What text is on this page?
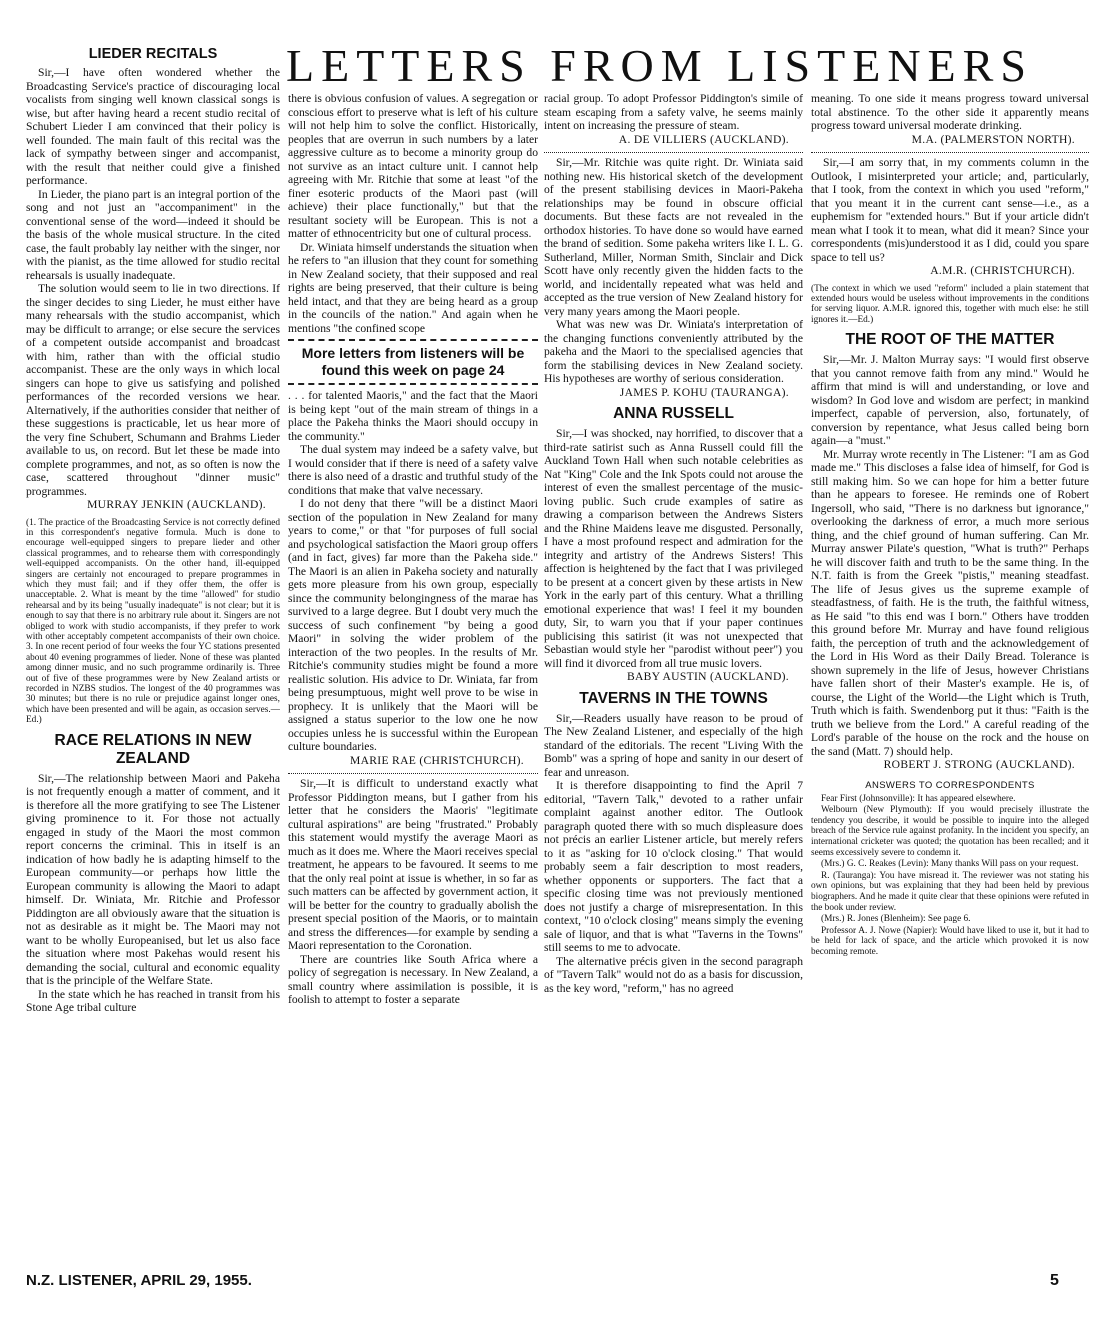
LETTERS FROM LISTENERS
LIEDER RECITALS

Sir,—I have often wondered whether the Broadcasting Service's practice of discouraging local vocalists from singing well known classical songs is wise, but after having heard a recent studio recital of Schubert Lieder I am convinced that their policy is well founded. The main fault of this recital was the lack of sympathy between singer and accompanist, with the result that neither could give a finished performance.

In Lieder, the piano part is an integral portion of the song and not just an "accompaniment" in the conventional sense of the word—indeed it should be the basis of the whole musical structure. In the cited case, the fault probably lay neither with the singer, nor with the pianist, as the time allowed for studio recital rehearsals is usually inadequate.

The solution would seem to lie in two directions. If the singer decides to sing Lieder, he must either have many rehearsals with the studio accompanist, which may be difficult to arrange; or else secure the services of a competent outside accompanist and broadcast with him, rather than with the official studio accompanist. These are the only ways in which local singers can hope to give us satisfying and polished performances of the recorded versions we hear. Alternatively, if the authorities consider that neither of these suggestions is practicable, let us hear more of the very fine Schubert, Schumann and Brahms Lieder available to us, on record. But let these be made into complete programmes, and not, as so often is now the case, scattered throughout "dinner music" programmes.

MURRAY JENKIN (AUCKLAND).
(1. The practice of the Broadcasting Service is not correctly defined in this correspondent's negative formula. Much is done to encourage well-equipped singers to prepare lieder and other classical programmes, and to rehearse them with correspondingly well-equipped accompanists. On the other hand, ill-equipped singers are certainly not encouraged to prepare programmes in which they must fail; and if they offer them, the offer is unacceptable. 2. What is meant by the time "allowed" for studio rehearsal and by its being "usually inadequate" is not clear; but it is enough to say that there is no arbitrary rule about it. Singers are not obliged to work with studio accompanists, if they prefer to work with other acceptably competent accompanists of their own choice. 3. In one recent period of four weeks the four YC stations presented about 40 evening programmes of lieder. None of these was planted among dinner music, and no such programme ordinarily is. Three out of five of these programmes were by New Zealand artists or recorded in NZBS studios. The longest of the 40 programmes was 30 minutes; but there is no rule or prejudice against longer ones, which have been presented and will be again, as occasion serves.—Ed.)
RACE RELATIONS IN NEW ZEALAND

Sir,—The relationship between Maori and Pakeha is not frequently enough a matter of comment, and it is therefore all the more gratifying to see The Listener giving prominence to it. For those not actually engaged in study of the Maori the most common report concerns the criminal. This in itself is an indication of how badly he is adapting himself to the European community—or perhaps how little the European community is allowing the Maori to adapt himself. Dr. Winiata, Mr. Ritchie and Professor Piddington are all obviously aware that the situation is not as desirable as it might be. The Maori may not want to be wholly Europeanised, but let us also face the situation where most Pakehas would resent his demanding the social, cultural and economic equality that is the principle of the Welfare State.

In the state which he has reached in transit from his Stone Age tribal culture

there is obvious confusion of values. A segregation or conscious effort to preserve what is left of his culture will not help him to solve the conflict. Historically, peoples that are overrun in such numbers by a later aggressive culture as to become a minority group do not survive as an intact culture unit. I cannot help agreeing with Mr. Ritchie that some at least "of the finer esoteric products of the Maori past (will achieve) their place functionally," but that the resultant society will be European. This is not a matter of ethnocentricity but one of cultural process.

Dr. Winiata himself understands the situation when he refers to "an illusion that they count for something in New Zealand society, that their supposed and real rights are being preserved, that their culture is being held intact, and that they are being heard as a group in the councils of the nation." And again when he mentions "the confined scope

More letters from listeners will be found this week on page 24

. . . for talented Maoris," and the fact that the Maori is being kept "out of the main stream of things in a place the Pakeha thinks the Maori should occupy in the community."

The dual system may indeed be a safety valve, but I would consider that if there is need of a safety valve there is also need of a drastic and truthful study of the conditions that make that valve necessary.

I do not deny that there "will be a distinct Maori section of the population in New Zealand for many years to come," or that "for purposes of full social and psychological satisfaction the Maori group offers (and in fact, gives) far more than the Pakeha side." The Maori is an alien in Pakeha society and naturally gets more pleasure from his own group, especially since the community belongingness of the marae has survived to a large degree. But I doubt very much the success of such confinement "by being a good Maori" in solving the wider problem of the interaction of the two peoples. In the results of Mr. Ritchie's community studies might be found a more realistic solution. His advice to Dr. Winiata, far from being presumptuous, might well prove to be wise in prophecy. It is unlikely that the Maori will be assigned a status superior to the low one he now occupies unless he is successful within the European culture boundaries.

MARIE RAE (CHRISTCHURCH).

Sir,—It is difficult to understand exactly what Professor Piddington means, but I gather from his letter that he considers the Maoris' "legitimate cultural aspirations" are being "frustrated." Probably this statement would mystify the average Maori as much as it does me. Where the Maori receives special treatment, he appears to be favoured. It seems to me that the only real point at issue is whether, in so far as such matters can be affected by government action, it will be better for the country to gradually abolish the present special position of the Maoris, or to maintain and stress the differences—for example by sending a Maori representation to the Coronation.

There are countries like South Africa where a policy of segregation is necessary. In New Zealand, a small country where assimilation is possible, it is foolish to attempt to foster a separate

racial group. To adopt Professor Piddington's simile of steam escaping from a safety valve, he seems mainly intent on increasing the pressure of steam.

A. DE VILLIERS (AUCKLAND).

Sir,—Mr. Ritchie was quite right. Dr. Winiata said nothing new. His historical sketch of the development of the present stabilising devices in Maori-Pakeha relationships may be found in obscure official documents. But these facts are not revealed in the orthodox histories. To have done so would have earned the brand of sedition. Some pakeha writers like I. L. G. Sutherland, Miller, Norman Smith, Sinclair and Dick Scott have only recently given the hidden facts to the world, and incidentally repeated what was held and accepted as the true version of New Zealand history for very many years among the Maori people.

What was new was Dr. Winiata's interpretation of the changing functions conveniently attributed by the pakeha and the Maori to the specialised agencies that form the stabilising devices in New Zealand society. His hypotheses are worthy of serious consideration.

JAMES P. KOHU (TAURANGA).
ANNA RUSSELL

Sir,—I was shocked, nay horrified, to discover that a third-rate satirist such as Anna Russell could fill the Auckland Town Hall when such notable celebrities as Nat "King" Cole and the Ink Spots could not arouse the interest of even the smallest percentage of the music-loving public. Such crude examples of satire as drawing a comparison between the Andrews Sisters and the Rhine Maidens leave me disgusted. Personally, I have a most profound respect and admiration for the integrity and artistry of the Andrews Sisters! This affection is heightened by the fact that I was privileged to be present at a concert given by these artists in New York in the early part of this century. What a thrilling emotional experience that was! I feel it my bounden duty, Sir, to warn you that if your paper continues publicising this satirist (it was not unexpected that Sebastian would style her "parodist without peer") you will find it divorced from all true music lovers.

BABY AUSTIN (AUCKLAND).
TAVERNS IN THE TOWNS

Sir,—Readers usually have reason to be proud of The New Zealand Listener, and especially of the high standard of the editorials. The recent "Living With the Bomb" was a spring of hope and sanity in our desert of fear and unreason.

It is therefore disappointing to find the April 7 editorial, "Tavern Talk," devoted to a rather unfair complaint against another editor. The Outlook paragraph quoted there with so much displeasure does not précis an earlier Listener article, but merely refers to it as "asking for 10 o'clock closing." That would probably seem a fair description to most readers, whether opponents or supporters. The fact that a specific closing time was not previously mentioned does not justify a charge of misrepresentation. In this context, "10 o'clock closing" means simply the evening sale of liquor, and that is what "Taverns in the Towns" still seems to me to advocate.

The alternative précis given in the second paragraph of "Tavern Talk" would not do as a basis for discussion, as the key word, "reform," has no agreed

meaning. To one side it means progress toward universal total abstinence. To the other side it apparently means progress toward universal moderate drinking.

M.A. (PALMERSTON NORTH).

Sir,—I am sorry that, in my comments column in the Outlook, I misinterpreted your article; and, particularly, that I took, from the context in which you used "reform," that you meant it in the current cant sense—i.e., as a euphemism for "extended hours." But if your article didn't mean what I took it to mean, what did it mean? Since your correspondents (mis)understood it as I did, could you spare space to tell us?

A.M.R. (CHRISTCHURCH).
(The context in which we used "reform" included a plain statement that extended hours would be useless without improvements in the conditions for serving liquor. A.M.R. ignored this, together with much else: he still ignores it.—Ed.)
THE ROOT OF THE MATTER

Sir,—Mr. J. Malton Murray says: "I would first observe that you cannot remove faith from any mind." Would he affirm that mind is will and understanding, or love and wisdom? In God love and wisdom are perfect; in mankind imperfect, capable of perversion, also, fortunately, of conversion by repentance, what Jesus called being born again—a "must."

Mr. Murray wrote recently in The Listener: "I am as God made me." This discloses a false idea of himself, for God is still making him. So we can hope for him a better future than he appears to foresee. He reminds one of Robert Ingersoll, who said, "There is no darkness but ignorance," overlooking the darkness of error, a much more serious thing, and the chief ground of human suffering. Can Mr. Murray answer Pilate's question, "What is truth?" Perhaps he will discover faith and truth to be the same thing. In the N.T. faith is from the Greek "pistis," meaning steadfast. The life of Jesus gives us the supreme example of steadfastness, of faith. He is the truth, the faithful witness, as He said "to this end was I born." Others have trodden this ground before Mr. Murray and have found religious faith, the perception of truth and the acknowledgement of the Lord in His Word as their Daily Bread. Tolerance is shown supremely in the life of Jesus, however Christians have fallen short of their Master's example. He is, of course, the Light of the World—the Light which is Truth, Truth which is faith. Swendenborg put it thus: "Faith is the truth we believe from the Lord." A careful reading of the Lord's parable of the house on the rock and the house on the sand (Matt. 7) should help.

ROBERT J. STRONG (AUCKLAND).
ANSWERS TO CORRESPONDENTS
Fear First (Johnsonville): It has appeared elsewhere.
Welbourn (New Plymouth): If you would precisely illustrate the tendency you describe, it would be possible to inquire into the alleged breach of the Service rule against profanity. In the incident you specify, an international cricketer was quoted; the quotation has been recalled; and it seems excessively severe to condemn it.
(Mrs.) G. C. Reakes (Levin): Many thanks Will pass on your request.
R. (Tauranga): You have misread it. The reviewer was not stating his own opinions, but was explaining that they had been held by previous biographers. And he made it quite clear that these opinions were refuted in the book under review.
(Mrs.) R. Jones (Blenheim): See page 6.
Professor A. J. Nowe (Napier): Would have liked to use it, but it had to be held for lack of space, and the article which provoked it is now becoming remote.
N.Z. LISTENER, APRIL 29, 1955.	5
